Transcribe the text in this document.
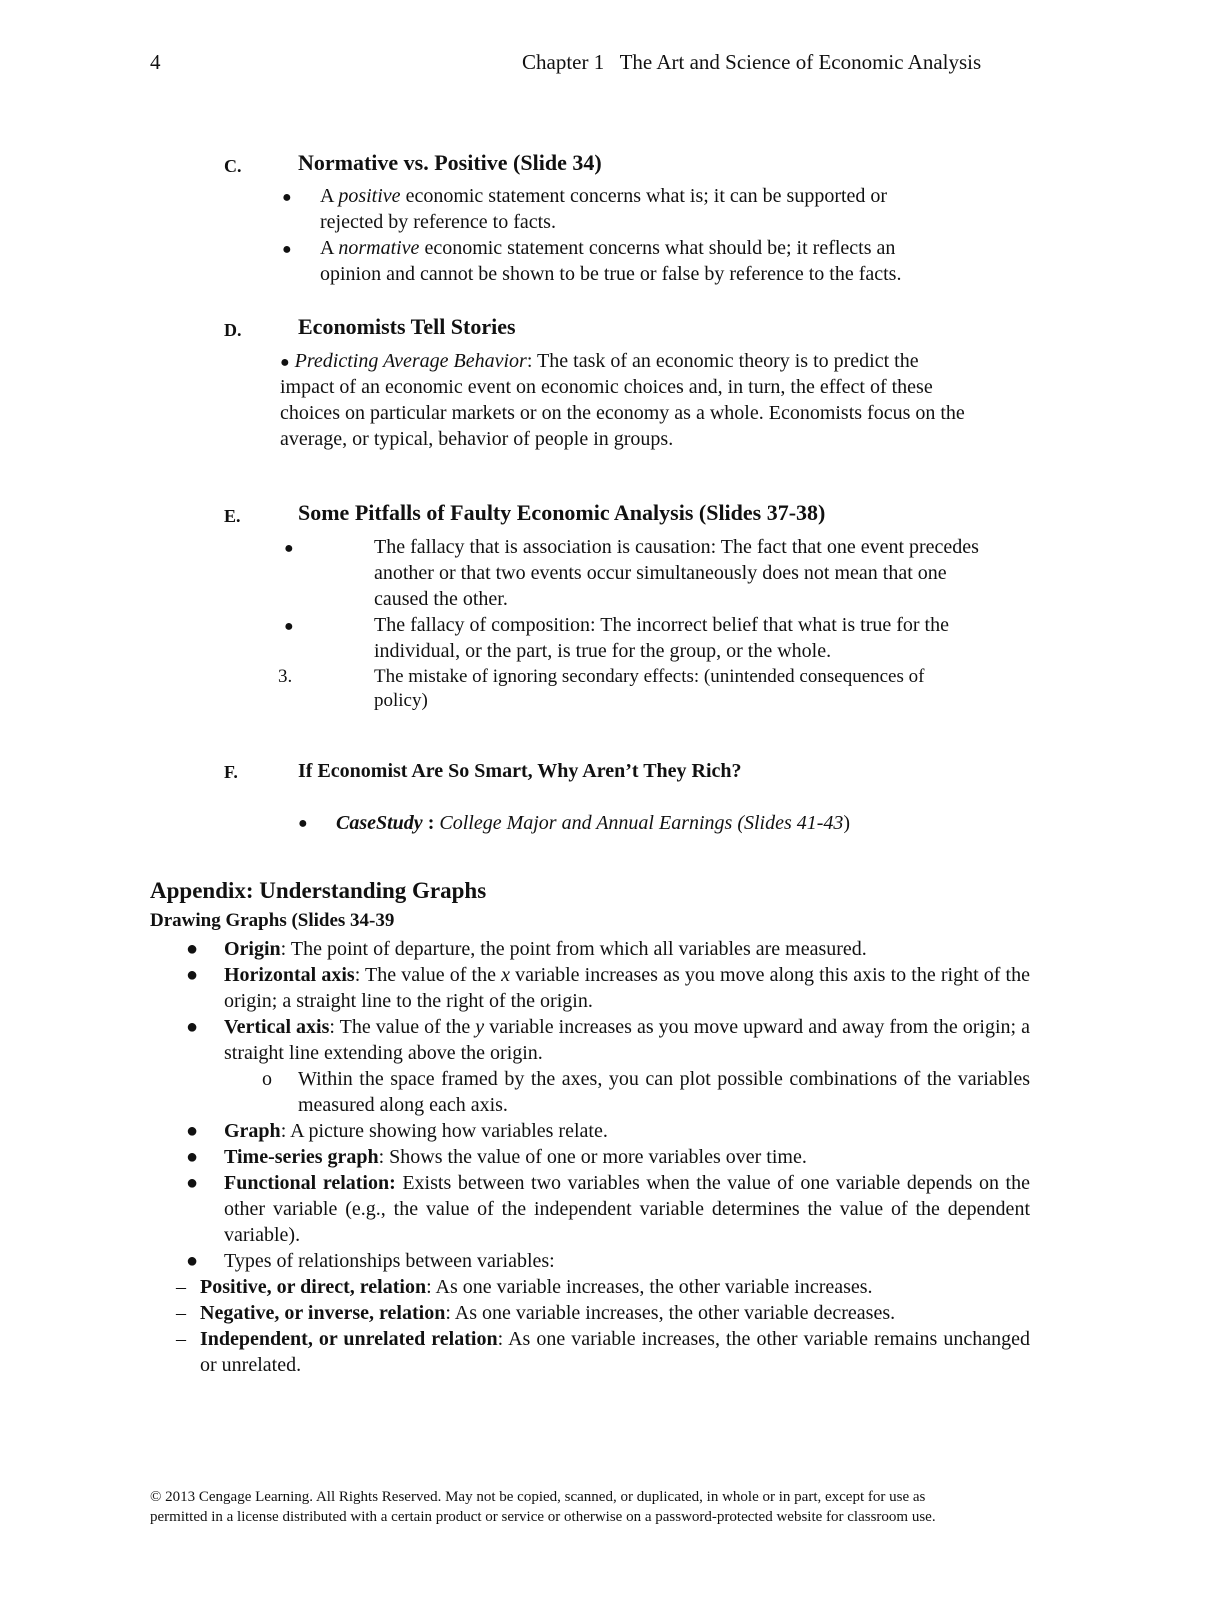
4	Chapter 1   The Art and Science of Economic Analysis
C.	Normative vs. Positive (Slide 34)
● A positive economic statement concerns what is; it can be supported or
rejected by reference to facts.
● A normative economic statement concerns what should be; it reflects an
opinion and cannot be shown to be true or false by reference to the facts.
D.	Economists Tell Stories
● Predicting Average Behavior: The task of an economic theory is to predict the
impact of an economic event on economic choices and, in turn, the effect of these
choices on particular markets or on the economy as a whole. Economists focus on the
average, or typical, behavior of people in groups.
E.	Some Pitfalls of Faulty Economic Analysis (Slides 37-38)
●	The fallacy that is association is causation: The fact that one event precedes
another or that two events occur simultaneously does not mean that one
caused the other.
●	The fallacy of composition: The incorrect belief that what is true for the
individual, or the part, is true for the group, or the whole.
3.	The mistake of ignoring secondary effects: (unintended consequences of
policy)
F.	If Economist Are So Smart, Why Aren’t They Rich?
● CaseStudy : College Major and Annual Earnings (Slides 41-43)
Appendix: Understanding Graphs
Drawing Graphs (Slides 34-39
● Origin: The point of departure, the point from which all variables are measured.
● Horizontal axis: The value of the x variable increases as you move along this axis to the right of the origin; a straight line to the right of the origin.
● Vertical axis: The value of the y variable increases as you move upward and away from the origin; a straight line extending above the origin.
o Within the space framed by the axes, you can plot possible combinations of the variables measured along each axis.
● Graph: A picture showing how variables relate.
● Time-series graph: Shows the value of one or more variables over time.
● Functional relation: Exists between two variables when the value of one variable depends on the other variable (e.g., the value of the independent variable determines the value of the dependent variable).
● Types of relationships between variables:
– Positive, or direct, relation: As one variable increases, the other variable increases.
– Negative, or inverse, relation: As one variable increases, the other variable decreases.
– Independent, or unrelated relation: As one variable increases, the other variable remains unchanged or unrelated.
© 2013 Cengage Learning. All Rights Reserved. May not be copied, scanned, or duplicated, in whole or in part, except for use as
permitted in a license distributed with a certain product or service or otherwise on a password-protected website for classroom use.
